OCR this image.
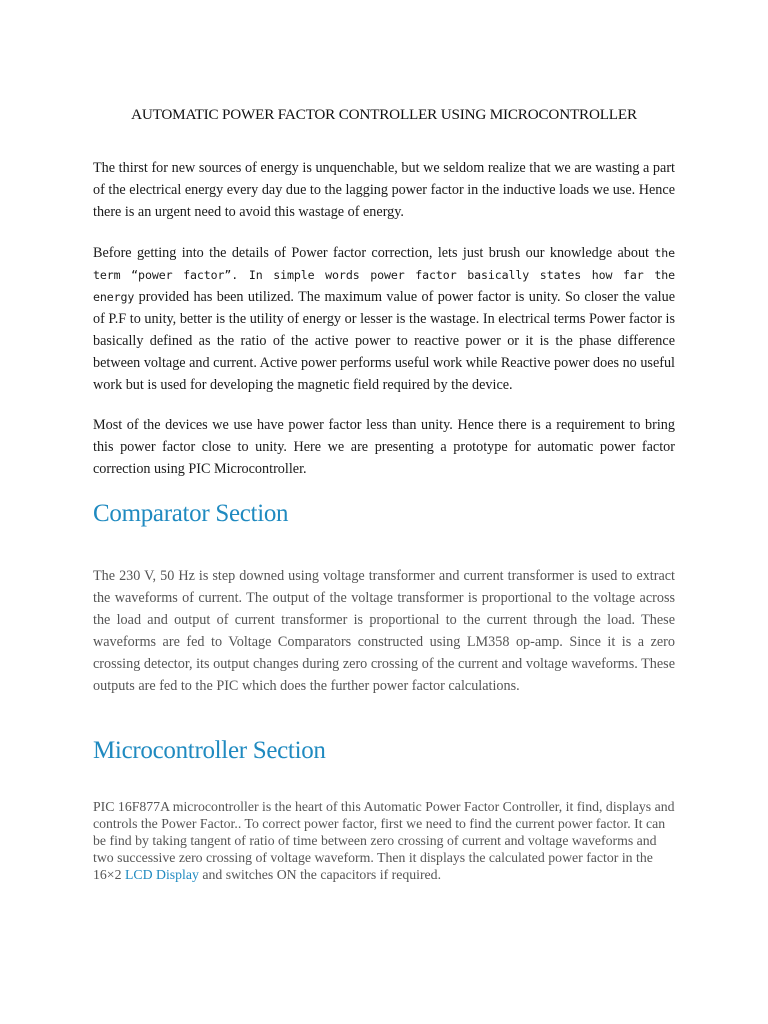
AUTOMATIC POWER FACTOR CONTROLLER USING MICROCONTROLLER

The thirst for new sources of energy is unquenchable, but we seldom realize that we are wasting a part of the electrical energy every day due to the lagging power factor in the inductive loads we use. Hence there is an urgent need to avoid this wastage of energy.

Before getting into the details of Power factor correction, lets just brush our knowledge about the term “power factor”. In simple words power factor basically states how far the energy provided has been utilized. The maximum value of power factor is unity. So closer the value of P.F to unity, better is the utility of energy or lesser is the wastage. In electrical terms Power factor is basically defined as the ratio of the active power to reactive power or it is the phase difference between voltage and current. Active power performs useful work while Reactive power does no useful work but is used for developing the magnetic field required by the device.

Most of the devices we use have power factor less than unity. Hence there is a requirement to bring this power factor close to unity. Here we are presenting a prototype for automatic power factor correction using PIC Microcontroller.

Comparator Section

The 230 V, 50 Hz is step downed using voltage transformer and current transformer is used to extract the waveforms of current. The output of the voltage transformer is proportional to the voltage across the load and output of current transformer is proportional to the current through the load. These waveforms are fed to Voltage Comparators constructed using LM358 op-amp. Since it is a zero crossing detector, its output changes during zero crossing of the current and voltage waveforms. These outputs are fed to the PIC which does the further power factor calculations.

Microcontroller Section

PIC 16F877A microcontroller is the heart of this Automatic Power Factor Controller, it find, displays and controls the Power Factor.. To correct power factor, first we need to find the current power factor. It can be find by taking tangent of ratio of time between zero crossing of current and voltage waveforms and two successive zero crossing of voltage waveform. Then it displays the calculated power factor in the 16×2 LCD Display and switches ON the capacitors if required.
